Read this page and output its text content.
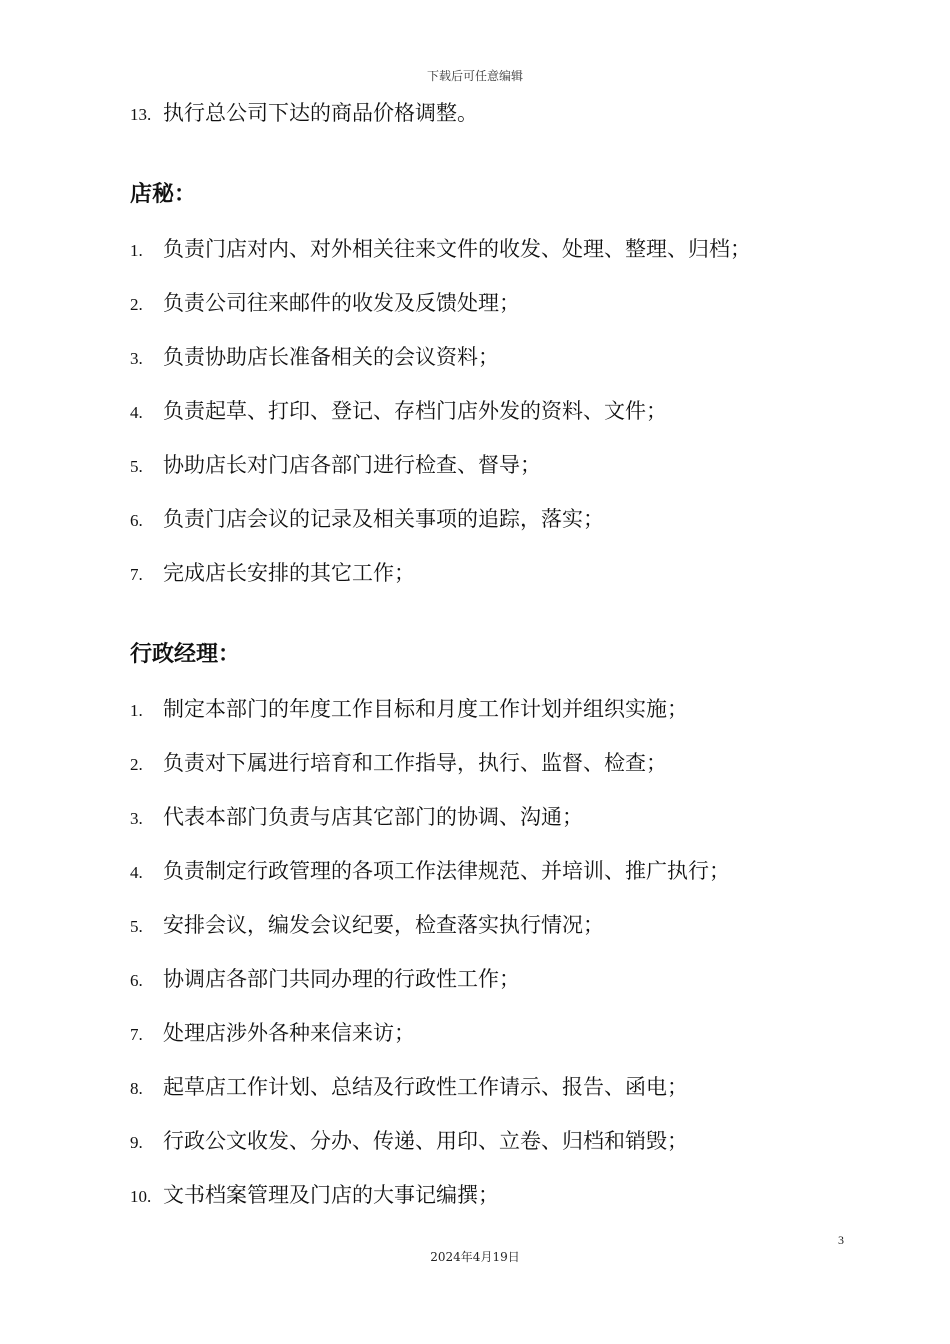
下载后可任意编辑
13. 执行总公司下达的商品价格调整。
店秘：
1. 负责门店对内、对外相关往来文件的收发、处理、整理、归档；
2. 负责公司往来邮件的收发及反馈处理；
3. 负责协助店长准备相关的会议资料；
4. 负责起草、打印、登记、存档门店外发的资料、文件；
5. 协助店长对门店各部门进行检查、督导；
6. 负责门店会议的记录及相关事项的追踪，落实；
7. 完成店长安排的其它工作；
行政经理：
1. 制定本部门的年度工作目标和月度工作计划并组织实施；
2. 负责对下属进行培育和工作指导，执行、监督、检查；
3. 代表本部门负责与店其它部门的协调、沟通；
4. 负责制定行政管理的各项工作法律规范、并培训、推广执行；
5. 安排会议，编发会议纪要，检查落实执行情况；
6. 协调店各部门共同办理的行政性工作；
7. 处理店涉外各种来信来访；
8. 起草店工作计划、总结及行政性工作请示、报告、函电；
9. 行政公文收发、分办、传递、用印、立卷、归档和销毁；
10. 文书档案管理及门店的大事记编撰；
3
2024年4月19日
